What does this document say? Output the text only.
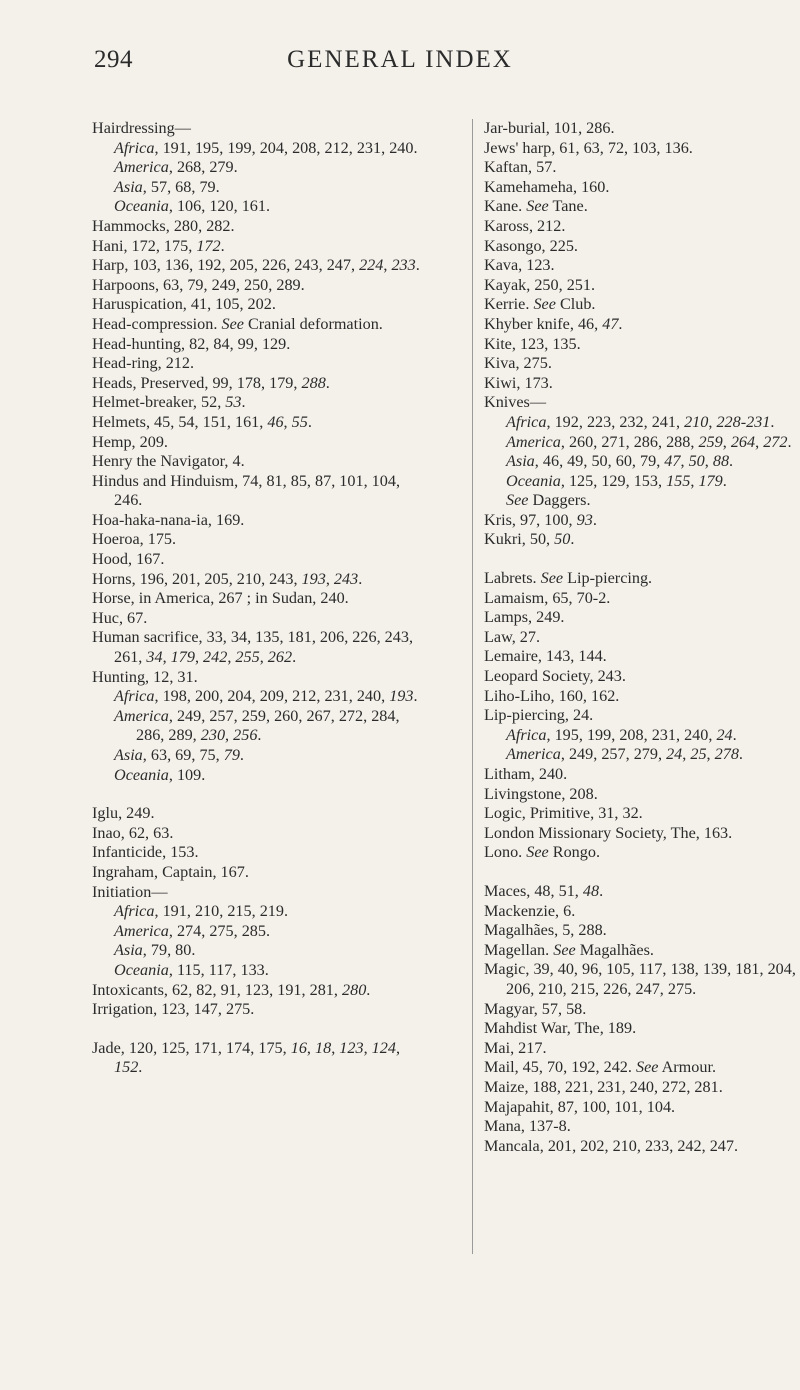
294	GENERAL INDEX
Hairdressing—
Africa, 191, 195, 199, 204, 208, 212, 231, 240.
America, 268, 279.
Asia, 57, 68, 79.
Oceania, 106, 120, 161.
Hammocks, 280, 282.
Hani, 172, 175, 172.
Harp, 103, 136, 192, 205, 226, 243, 247, 224, 233.
Harpoons, 63, 79, 249, 250, 289.
Haruspication, 41, 105, 202.
Head-compression. See Cranial deformation.
Head-hunting, 82, 84, 99, 129.
Head-ring, 212.
Heads, Preserved, 99, 178, 179, 288.
Helmet-breaker, 52, 53.
Helmets, 45, 54, 151, 161, 46, 55.
Hemp, 209.
Henry the Navigator, 4.
Hindus and Hinduism, 74, 81, 85, 87, 101, 104, 246.
Hoa-haka-nana-ia, 169.
Hoeroa, 175.
Hood, 167.
Horns, 196, 201, 205, 210, 243, 193, 243.
Horse, in America, 267 ; in Sudan, 240.
Huc, 67.
Human sacrifice, 33, 34, 135, 181, 206, 226, 243, 261, 34, 179, 242, 255, 262.
Hunting, 12, 31.
Africa, 198, 200, 204, 209, 212, 231, 240, 193.
America, 249, 257, 259, 260, 267, 272, 284, 286, 289, 230, 256.
Asia, 63, 69, 75, 79.
Oceania, 109.
Iglu, 249.
Inao, 62, 63.
Infanticide, 153.
Ingraham, Captain, 167.
Initiation—
Africa, 191, 210, 215, 219.
America, 274, 275, 285.
Asia, 79, 80.
Oceania, 115, 117, 133.
Intoxicants, 62, 82, 91, 123, 191, 281, 280.
Irrigation, 123, 147, 275.
Jade, 120, 125, 171, 174, 175, 16, 18, 123, 124, 152.
Jar-burial, 101, 286.
Jews' harp, 61, 63, 72, 103, 136.
Kaftan, 57.
Kamehameha, 160.
Kane. See Tane.
Kaross, 212.
Kasongo, 225.
Kava, 123.
Kayak, 250, 251.
Kerrie. See Club.
Khyber knife, 46, 47.
Kite, 123, 135.
Kiva, 275.
Kiwi, 173.
Knives—
Africa, 192, 223, 232, 241, 210, 228-231.
America, 260, 271, 286, 288, 259, 264, 272.
Asia, 46, 49, 50, 60, 79, 47, 50, 88.
Oceania, 125, 129, 153, 155, 179.
See Daggers.
Kris, 97, 100, 93.
Kukri, 50, 50.
Labrets. See Lip-piercing.
Lamaism, 65, 70-2.
Lamps, 249.
Law, 27.
Lemaire, 143, 144.
Leopard Society, 243.
Liho-Liho, 160, 162.
Lip-piercing, 24.
Africa, 195, 199, 208, 231, 240, 24.
America, 249, 257, 279, 24, 25, 278.
Litham, 240.
Livingstone, 208.
Logic, Primitive, 31, 32.
London Missionary Society, The, 163.
Lono. See Rongo.
Maces, 48, 51, 48.
Mackenzie, 6.
Magalhães, 5, 288.
Magellan. See Magalhães.
Magic, 39, 40, 96, 105, 117, 138, 139, 181, 204, 206, 210, 215, 226, 247, 275.
Magyar, 57, 58.
Mahdist War, The, 189.
Mai, 217.
Mail, 45, 70, 192, 242. See Armour.
Maize, 188, 221, 231, 240, 272, 281.
Majapahit, 87, 100, 101, 104.
Mana, 137-8.
Mancala, 201, 202, 210, 233, 242, 247.
